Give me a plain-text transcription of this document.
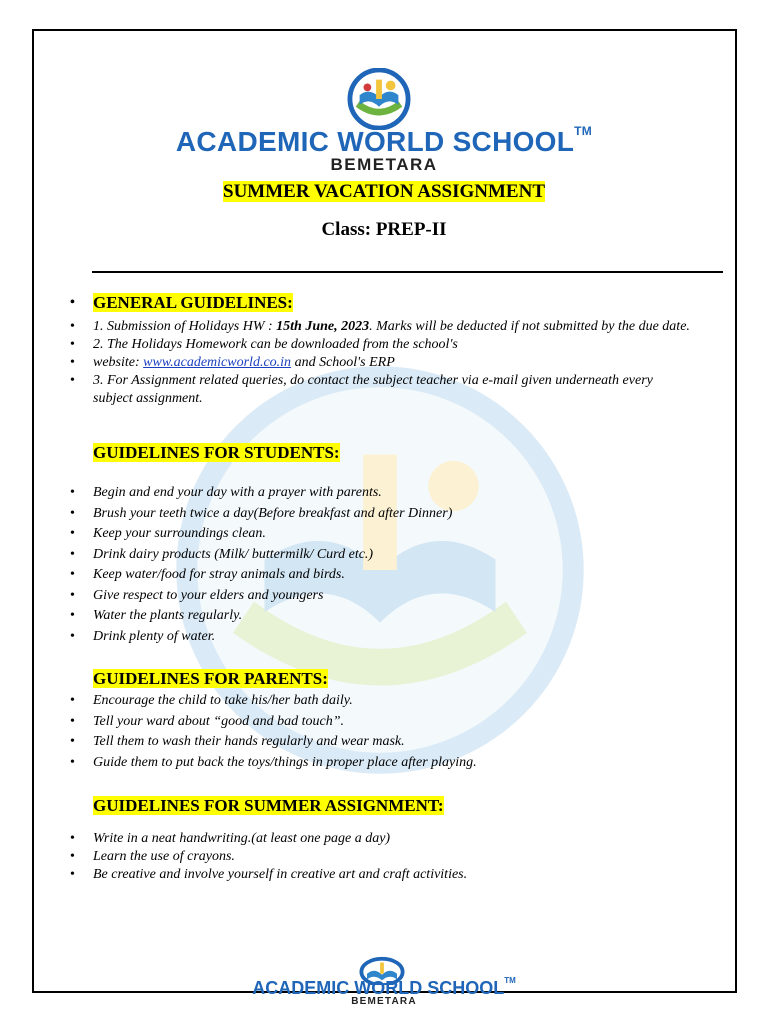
ACADEMIC WORLD SCHOOL™
BEMETARA
SUMMER VACATION ASSIGNMENT
Class: PREP-II
• GENERAL GUIDELINES:
• 1. Submission of Holidays HW : 15th June, 2023. Marks will be deducted if not submitted by the due date.
• 2. The Holidays Homework can be downloaded from the school's
• website: www.academicworld.co.in and School's ERP
• 3. For Assignment related queries, do contact the subject teacher via e-mail given underneath every subject assignment.
GUIDELINES FOR STUDENTS:
• Begin and end your day with a prayer with parents.
• Brush your teeth twice a day(Before breakfast and after Dinner)
• Keep your surroundings clean.
• Drink dairy products (Milk/ buttermilk/ Curd etc.)
• Keep water/food for stray animals and birds.
• Give respect to your elders and youngers
• Water the plants regularly.
• Drink plenty of water.
GUIDELINES FOR PARENTS:
• Encourage the child to take his/her bath daily.
• Tell your ward about “good and bad touch”.
• Tell them to wash their hands regularly and wear mask.
• Guide them to put back the toys/things in proper place after playing.
GUIDELINES FOR SUMMER ASSIGNMENT:
• Write in a neat handwriting.(at least one page a day)
• Learn the use of crayons.
• Be creative and involve yourself in creative art and craft activities.
ACADEMIC WORLD SCHOOL™
BEMETARA
